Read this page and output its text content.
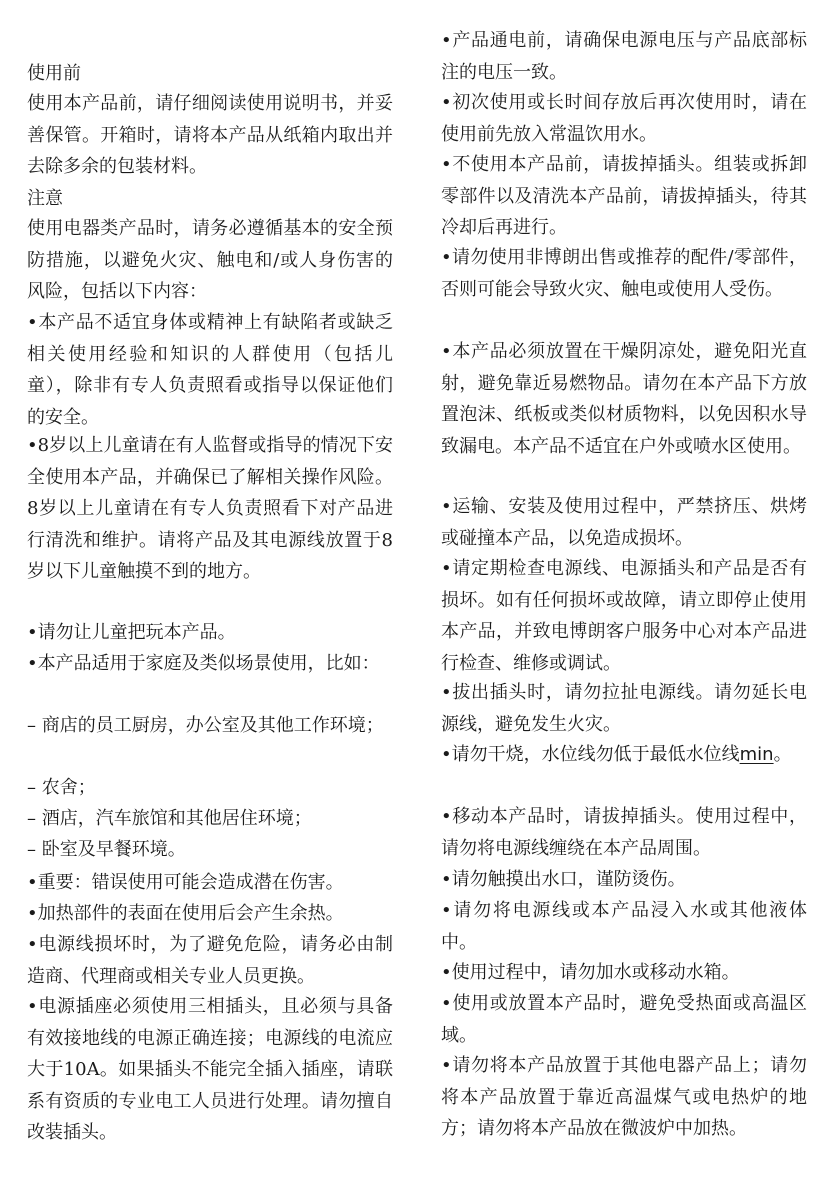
使用前

使用本产品前，请仔细阅读使用说明书，并妥善保管。开箱时，请将本产品从纸箱内取出并去除多余的包装材料。

注意

使用电器类产品时，请务必遵循基本的安全预防措施，以避免火灾、触电和/或人身伤害的风险，包括以下内容：

•本产品不适宜身体或精神上有缺陷者或缺乏相关使用经验和知识的人群使用（包括儿童），除非有专人负责照看或指导以保证他们的安全。

•8岁以上儿童请在有人监督或指导的情况下安全使用本产品，并确保已了解相关操作风险。8岁以上儿童请在有专人负责照看下对产品进行清洗和维护。请将产品及其电源线放置于8岁以下儿童触摸不到的地方。

•请勿让儿童把玩本产品。

•本产品适用于家庭及类似场景使用，比如：

– 商店的员工厨房，办公室及其他工作环境；

– 农舍；

– 酒店，汽车旅馆和其他居住环境；

– 卧室及早餐环境。

•重要：错误使用可能会造成潜在伤害。

•加热部件的表面在使用后会产生余热。

•电源线损坏时，为了避免危险，请务必由制造商、代理商或相关专业人员更换。

•电源插座必须使用三相插头，且必须与具备有效接地线的电源正确连接；电源线的电流应大于10A。如果插头不能完全插入插座，请联系有资质的专业电工人员进行处理。请勿擅自改装插头。

•产品通电前，请确保电源电压与产品底部标注的电压一致。

•初次使用或长时间存放后再次使用时，请在使用前先放入常温饮用水。

•不使用本产品前，请拔掉插头。组装或拆卸零部件以及清洗本产品前，请拔掉插头，待其冷却后再进行。

•请勿使用非博朗出售或推荐的配件/零部件，否则可能会导致火灾、触电或使用人受伤。

•本产品必须放置在干燥阴凉处，避免阳光直射，避免靠近易燃物品。请勿在本产品下方放置泡沫、纸板或类似材质物料，以免因积水导致漏电。本产品不适宜在户外或喷水区使用。

•运输、安装及使用过程中，严禁挤压、烘烤或碰撞本产品，以免造成损坏。

•请定期检查电源线、电源插头和产品是否有损坏。如有任何损坏或故障，请立即停止使用本产品，并致电博朗客户服务中心对本产品进行检查、维修或调试。

•拔出插头时，请勿拉扯电源线。请勿延长电源线，避免发生火灾。

•请勿干烧，水位线勿低于最低水位线min。

•移动本产品时，请拔掉插头。使用过程中，请勿将电源线缠绕在本产品周围。

•请勿触摸出水口，谨防烫伤。

•请勿将电源线或本产品浸入水或其他液体中。

•使用过程中，请勿加水或移动水箱。

•使用或放置本产品时，避免受热面或高温区域。

•请勿将本产品放置于其他电器产品上；请勿将本产品放置于靠近高温煤气或电热炉的地方；请勿将本产品放在微波炉中加热。
